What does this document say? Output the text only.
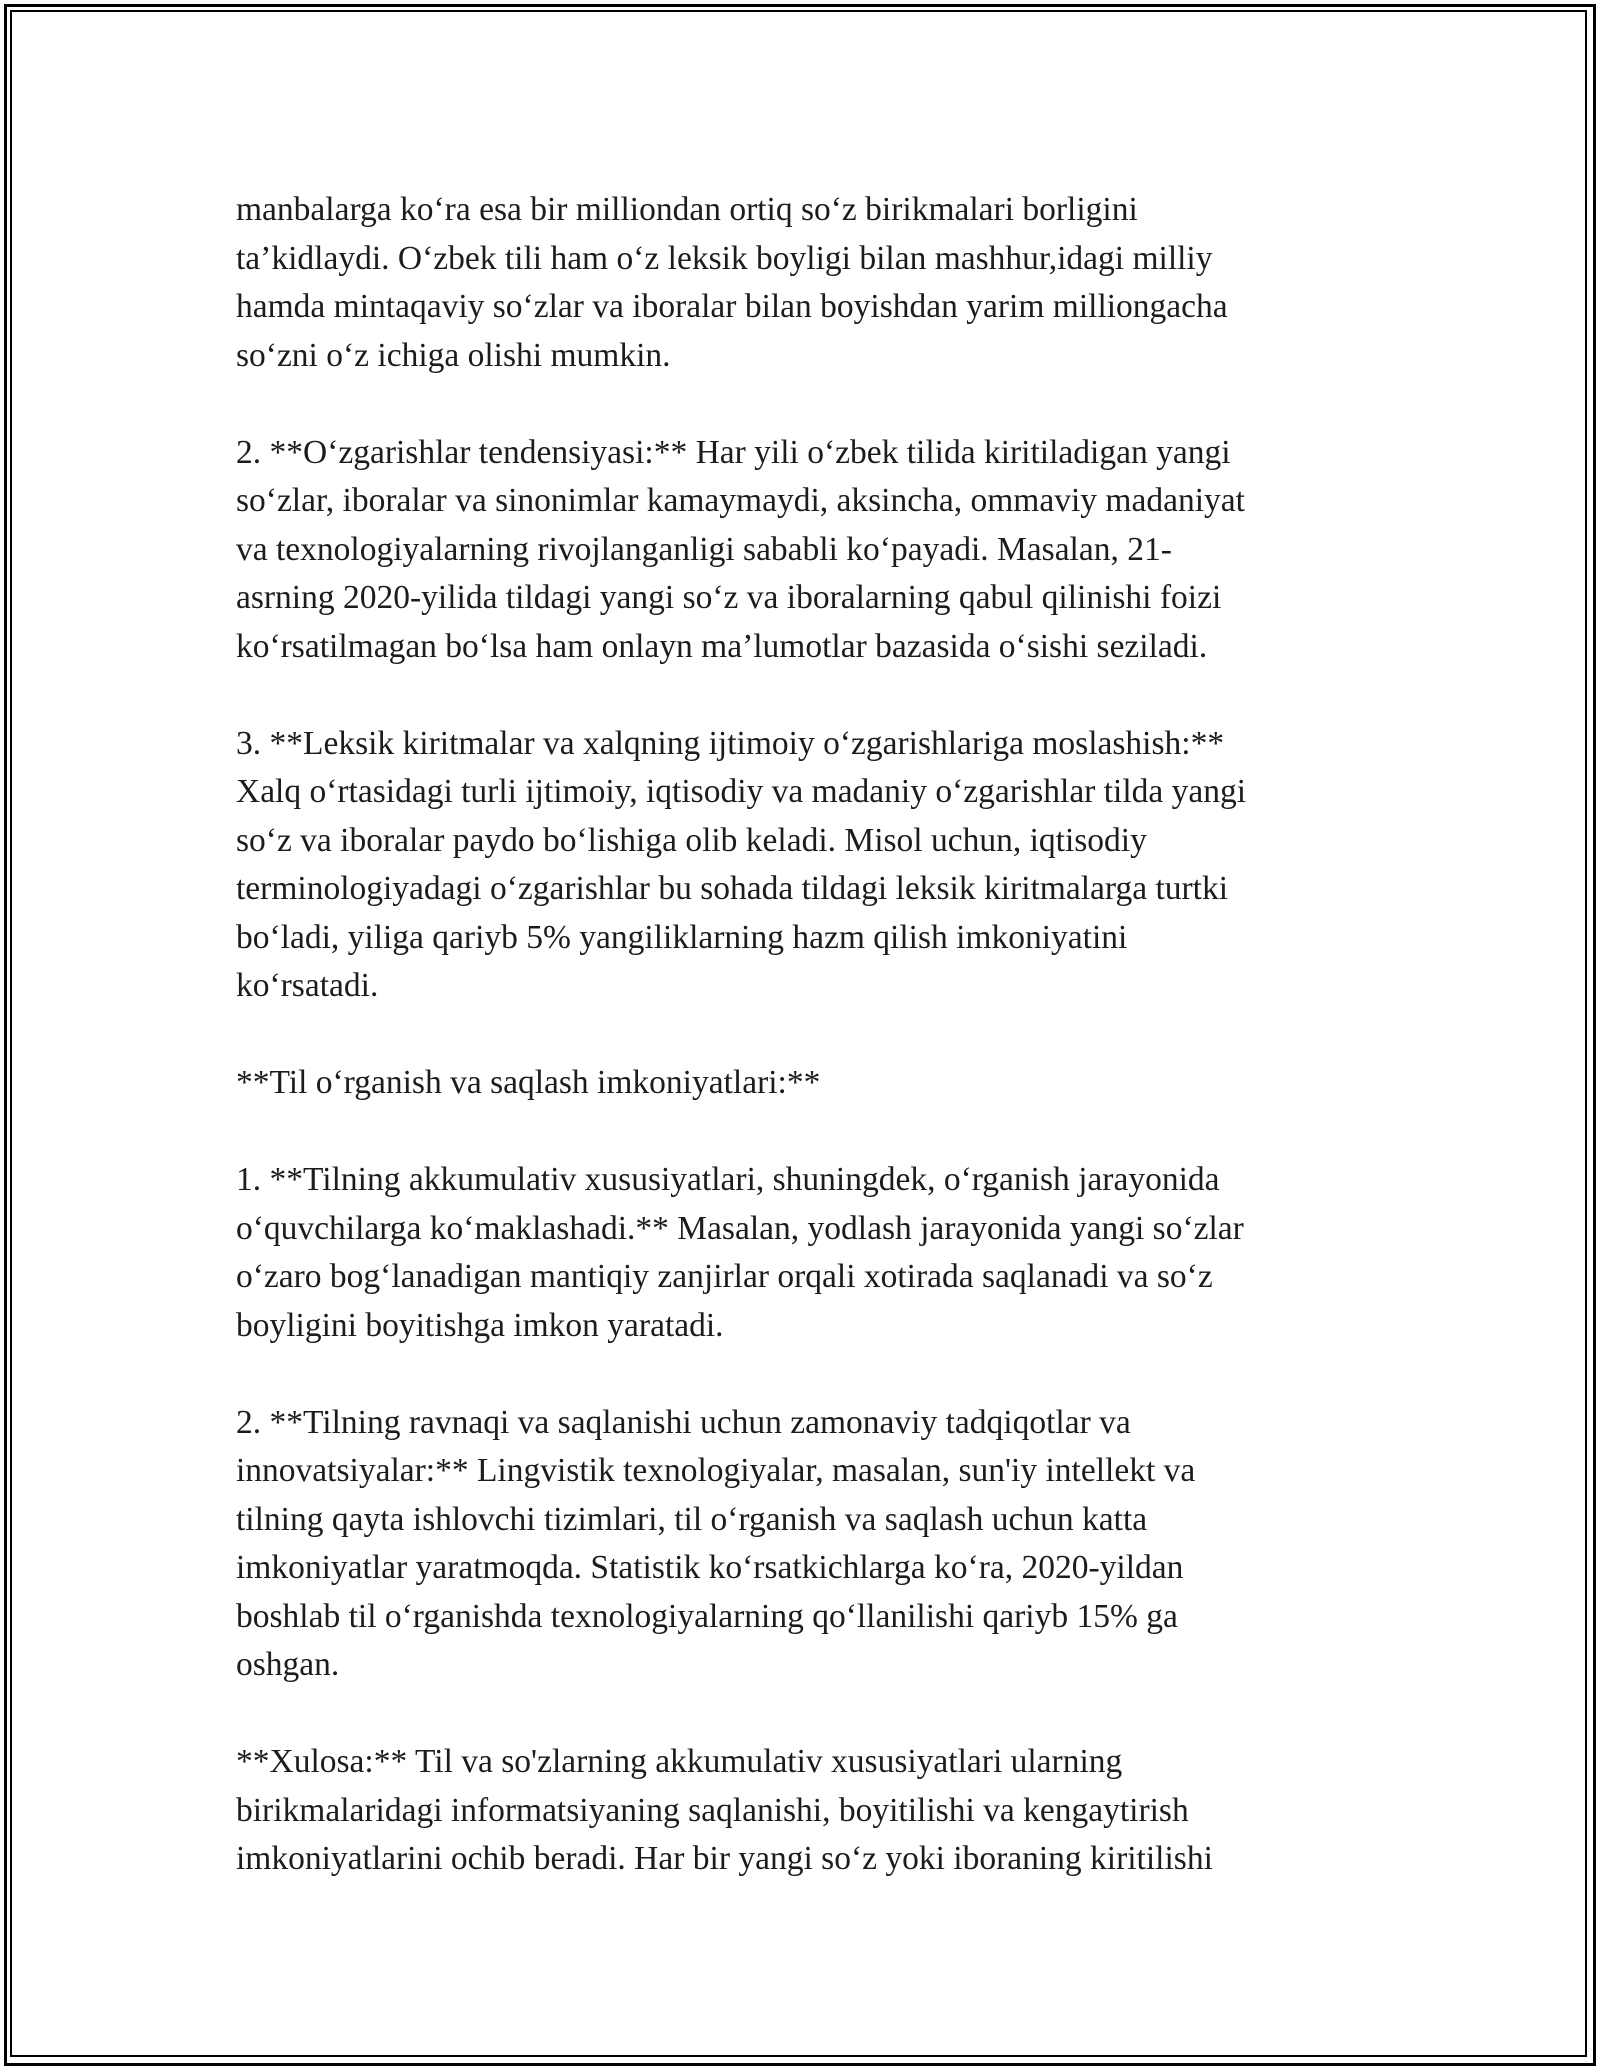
manbalarga ko‘ra esa bir milliondan ortiq so‘z birikmalari borligini
ta’kidlaydi. O‘zbek tili ham o‘z leksik boyligi bilan mashhur,idagi milliy
hamda mintaqaviy so‘zlar va iboralar bilan boyishdan yarim milliongacha
so‘zni o‘z ichiga olishi mumkin.

2. **O‘zgarishlar tendensiyasi:** Har yili o‘zbek tilida kiritiladigan yangi
so‘zlar, iboralar va sinonimlar kamaymaydi, aksincha, ommaviy madaniyat
va texnologiyalarning rivojlanganligi sababli ko‘payadi. Masalan, 21-
asrning 2020-yilida tildagi yangi so‘z va iboralarning qabul qilinishi foizi
ko‘rsatilmagan bo‘lsa ham onlayn ma’lumotlar bazasida o‘sishi seziladi.

3. **Leksik kiritmalar va xalqning ijtimoiy o‘zgarishlariga moslashish:**
Xalq o‘rtasidagi turli ijtimoiy, iqtisodiy va madaniy o‘zgarishlar tilda yangi
so‘z va iboralar paydo bo‘lishiga olib keladi. Misol uchun, iqtisodiy
terminologiyadagi o‘zgarishlar bu sohada tildagi leksik kiritmalarga turtki
bo‘ladi, yiliga qariyb 5% yangiliklarning hazm qilish imkoniyatini
ko‘rsatadi.

**Til o‘rganish va saqlash imkoniyatlari:**

1. **Tilning akkumulativ xususiyatlari, shuningdek, o‘rganish jarayonida
o‘quvchilarga ko‘maklashadi.** Masalan, yodlash jarayonida yangi so‘zlar
o‘zaro bog‘lanadigan mantiqiy zanjirlar orqali xotirada saqlanadi va so‘z
boyligini boyitishga imkon yaratadi.

2. **Tilning ravnaqi va saqlanishi uchun zamonaviy tadqiqotlar va
innovatsiyalar:** Lingvistik texnologiyalar, masalan, sun'iy intellekt va
tilning qayta ishlovchi tizimlari, til o‘rganish va saqlash uchun katta
imkoniyatlar yaratmoqda. Statistik ko‘rsatkichlarga ko‘ra, 2020-yildan
boshlab til o‘rganishda texnologiyalarning qo‘llanilishi qariyb 15% ga
oshgan.

**Xulosa:** Til va so'zlarning akkumulativ xususiyatlari ularning
birikmalaridagi informatsiyaning saqlanishi, boyitilishi va kengaytirish
imkoniyatlarini ochib beradi. Har bir yangi so‘z yoki iboraning kiritilishi
